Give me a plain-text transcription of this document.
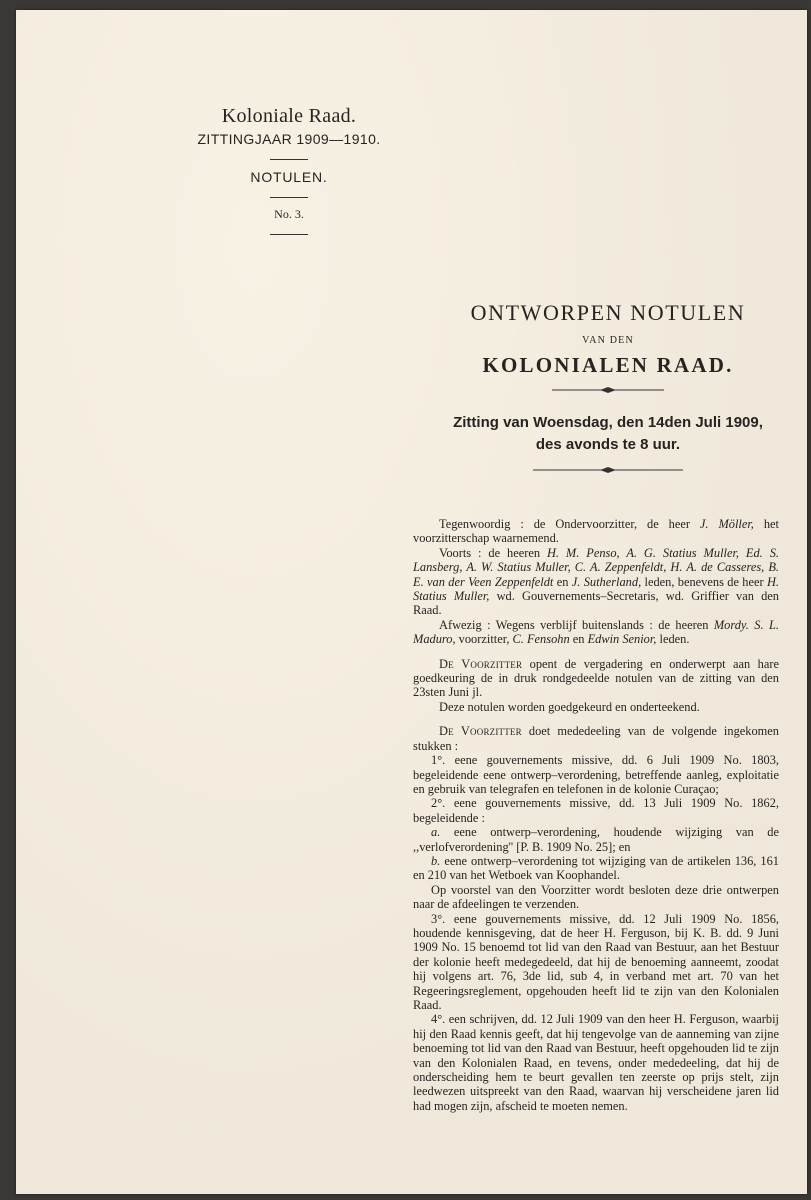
Koloniale Raad.
ZITTINGJAAR 1909—1910.
NOTULEN.
No. 3.
ONTWORPEN NOTULEN
VAN DEN
KOLONIALEN RAAD.
Zitting van Woensdag, den 14den Juli 1909,
des avonds te 8 uur.

Tegenwoordig : de Ondervoorzitter, de heer J. Möller, het voorzitterschap waarnemend.

Voorts : de heeren H. M. Penso, A. G. Statius Muller, Ed. S. Lansberg, A. W. Statius Muller, C. A. Zeppenfeldt, H. A. de Casseres, B. E. van der Veen Zeppenfeldt en J. Sutherland, leden, benevens de heer H. Statius Muller, wd. Gouvernements–Secretaris, wd. Griffier van den Raad.

Afwezig : Wegens verblijf buitenslands : de heeren Mordy. S. L. Maduro, voorzitter, C. Fensohn en Edwin Senior, leden.

De Voorzitter opent de vergadering en onderwerpt aan hare goedkeuring de in druk rondgedeelde notulen van de zitting van den 23sten Juni jl.

Deze notulen worden goedgekeurd en onderteekend.

De Voorzitter doet mededeeling van de volgende ingekomen stukken :

1°. eene gouvernements missive, dd. 6 Juli 1909 No. 1803, begeleidende eene ontwerp–verordening, betreffende aanleg, exploitatie en gebruik van telegrafen en telefonen in de kolonie Curaçao;

2°. eene gouvernements missive, dd. 13 Juli 1909 No. 1862, begeleidende :

a. eene ontwerp–verordening, houdende wijziging van de ,,verlofverordening'' [P. B. 1909 No. 25]; en

b. eene ontwerp–verordening tot wijziging van de artikelen 136, 161 en 210 van het Wetboek van Koophandel.

Op voorstel van den Voorzitter wordt besloten deze drie ontwerpen naar de afdeelingen te verzenden.

3°. eene gouvernements missive, dd. 12 Juli 1909 No. 1856, houdende kennisgeving, dat de heer H. Ferguson, bij K. B. dd. 9 Juni 1909 No. 15 benoemd tot lid van den Raad van Bestuur, aan het Bestuur der kolonie heeft medegedeeld, dat hij de benoeming aanneemt, zoodat hij volgens art. 76, 3de lid, sub 4, in verband met art. 70 van het Regeeringsreglement, opgehouden heeft lid te zijn van den Kolonialen Raad.

4°. een schrijven, dd. 12 Juli 1909 van den heer H. Ferguson, waarbij hij den Raad kennis geeft, dat hij tengevolge van de aanneming van zijne benoeming tot lid van den Raad van Bestuur, heeft opgehouden lid te zijn van den Kolonialen Raad, en tevens, onder mededeeling, dat hij de onderscheiding hem te beurt gevallen ten zeerste op prijs stelt, zijn leedwezen uitspreekt van den Raad, waarvan hij verscheidene jaren lid had mogen zijn, afscheid te moeten nemen.
